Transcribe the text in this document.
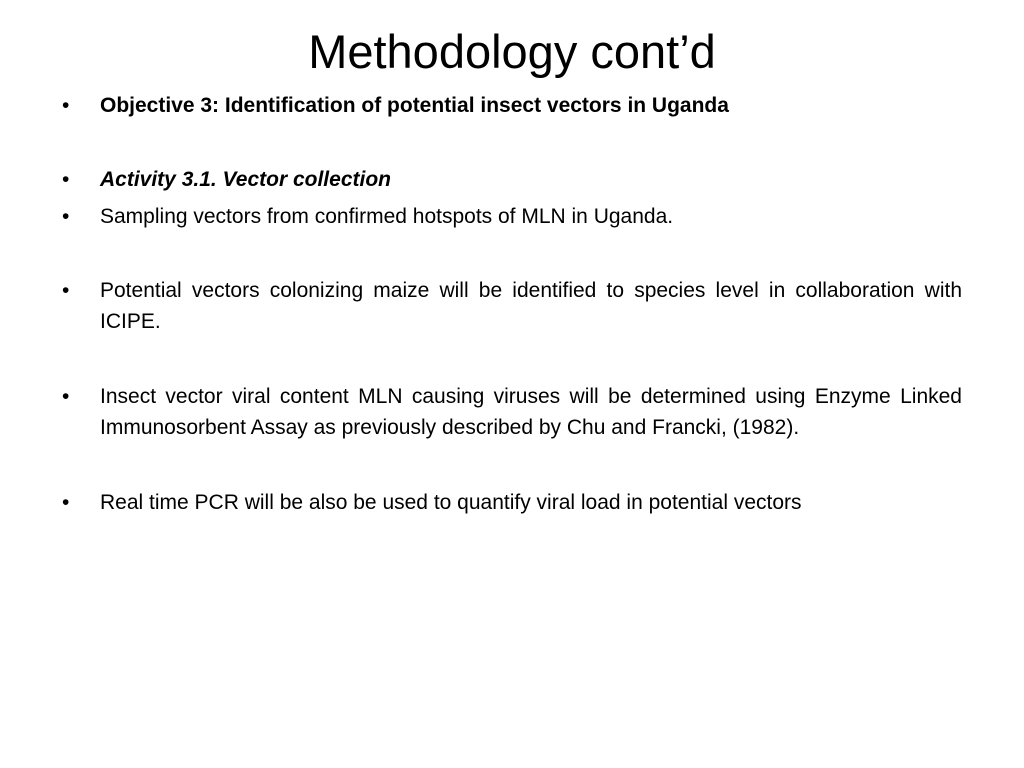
Methodology cont’d
•	Objective 3: Identification of potential insect vectors in Uganda
•	Activity 3.1. Vector collection
•	Sampling vectors from confirmed hotspots of MLN in Uganda.
•	Potential vectors colonizing maize will be identified to species level in collaboration with ICIPE.
•	Insect vector viral content MLN causing viruses will be determined using Enzyme Linked Immunosorbent Assay as previously described by Chu and Francki, (1982).
•	Real time PCR will be also be used to quantify viral load in potential vectors
